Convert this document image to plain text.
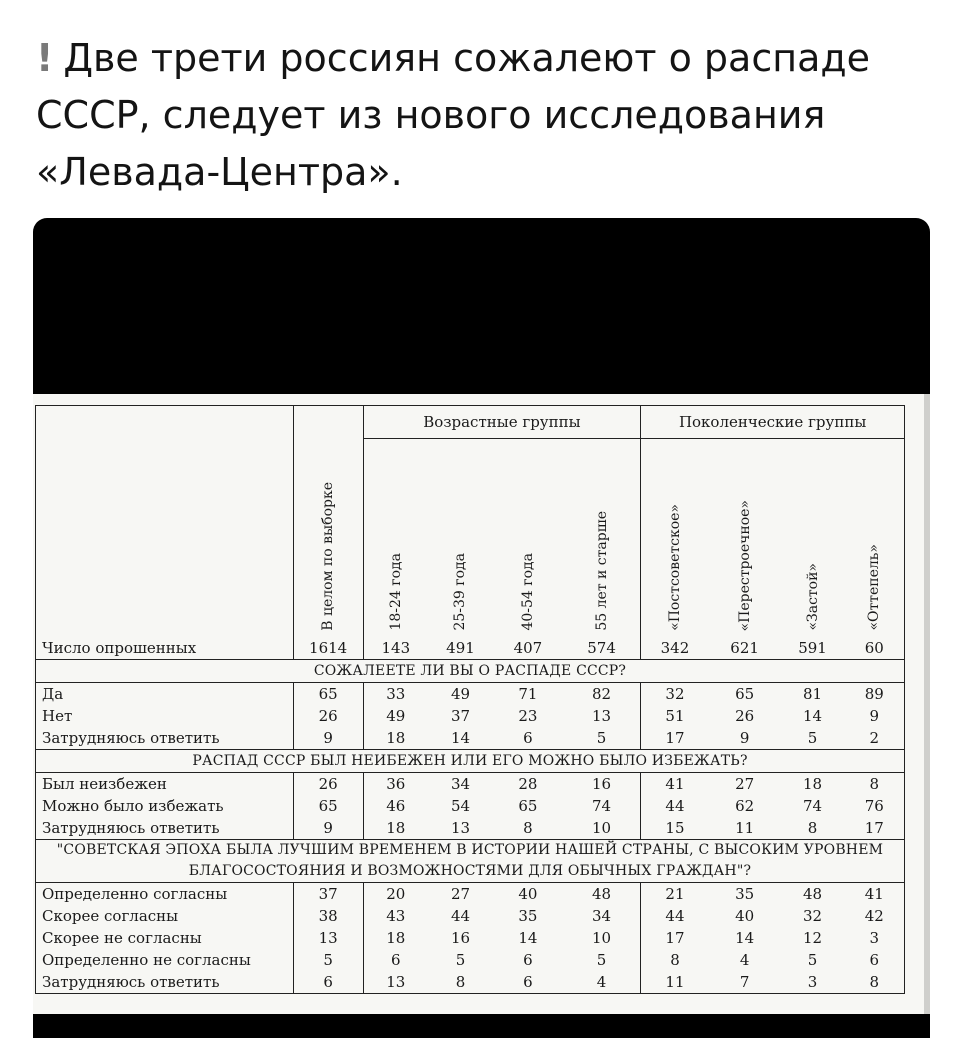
! Две трети россиян сожалеют о распаде СССР, следует из нового исследования «Левада-Центра».
	В целом по выборке	Возрастные группы				Поколенческие группы			
		18-24 года	25-39 года	40-54 года	55 лет и старше	«Постсоветское»	«Перестроечное»	«Застой»	«Оттепель»
Число опрошенных	1614	143	491	407	574	342	621	591	60
СОЖАЛЕЕТЕ ЛИ ВЫ О РАСПАДЕ СССР?									
Да	65	33	49	71	82	32	65	81	89
Нет	26	49	37	23	13	51	26	14	9
Затрудняюсь ответить	9	18	14	6	5	17	9	5	2
РАСПАД СССР БЫЛ НЕИБЕЖЕН ИЛИ ЕГО МОЖНО БЫЛО ИЗБЕЖАТЬ?									
Был неизбежен	26	36	34	28	16	41	27	18	8
Можно было избежать	65	46	54	65	74	44	62	74	76
Затрудняюсь ответить	9	18	13	8	10	15	11	8	17
"СОВЕТСКАЯ ЭПОХА БЫЛА ЛУЧШИМ ВРЕМЕНЕМ В ИСТОРИИ НАШЕЙ СТРАНЫ, С ВЫСОКИМ УРОВНЕМ БЛАГОСОСТОЯНИЯ И ВОЗМОЖНОСТЯМИ ДЛЯ ОБЫЧНЫХ ГРАЖДАН"?									
Определенно согласны	37	20	27	40	48	21	35	48	41
Скорее согласны	38	43	44	35	34	44	40	32	42
Скорее не согласны	13	18	16	14	10	17	14	12	3
Определенно не согласны	5	6	5	6	5	8	4	5	6
Затрудняюсь ответить	6	13	8	6	4	11	7	3	8
